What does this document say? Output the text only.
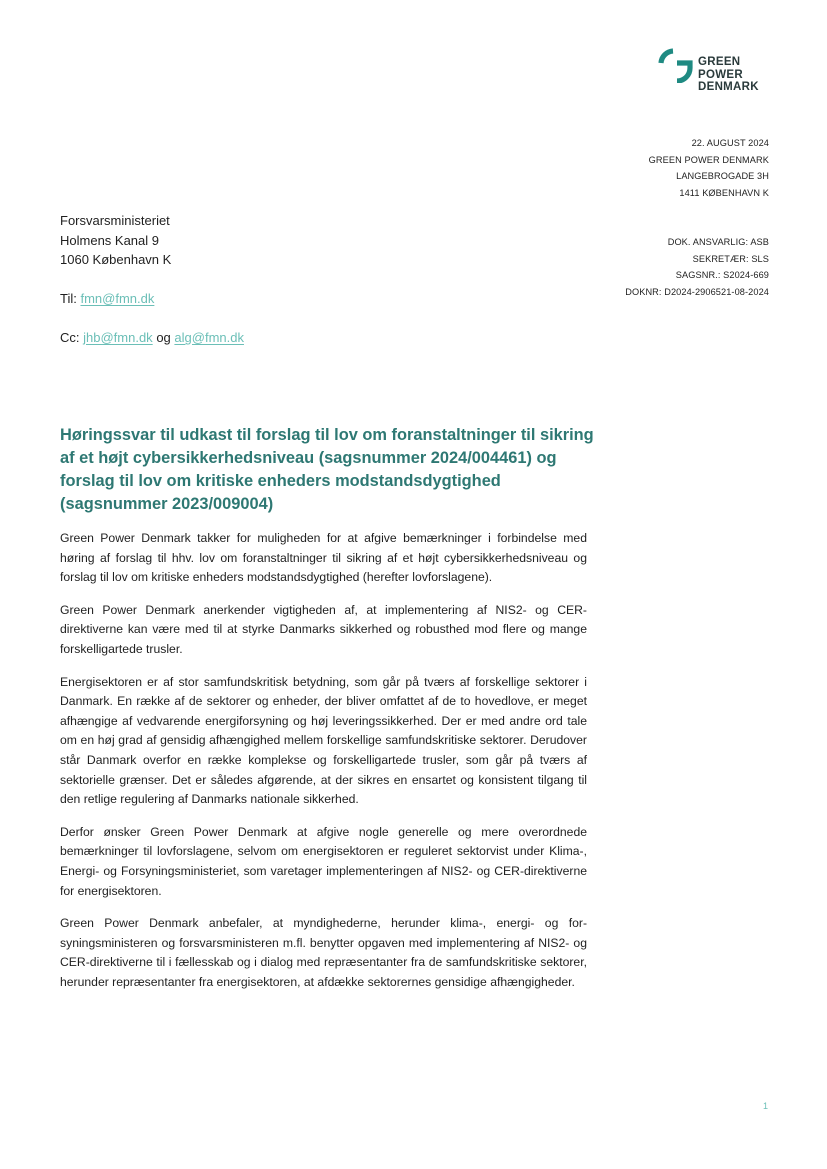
GREEN
POWER
DENMARK
22. AUGUST 2024
GREEN POWER DENMARK
LANGEBROGADE 3H
1411 KØBENHAVN K
DOK. ANSVARLIG: ASB
SEKRETÆR: SLS
SAGSNR.: S2024-669
DOKNR: D2024-2906521-08-2024
Forsvarsministeriet
Holmens Kanal 9
1060 København K
Til: fmn@fmn.dk
Cc: jhb@fmn.dk og alg@fmn.dk
Høringssvar til udkast til forslag til lov om foranstaltninger til sikring af et højt cybersikkerhedsniveau (sagsnummer 2024/004461) og forslag til lov om kritiske enheders modstandsdygtighed (sagsnummer 2023/009004)

Green Power Denmark takker for muligheden for at afgive bemærkninger i forbindelse med høring af forslag til hhv. lov om foranstaltninger til sikring af et højt cybersikkerhedsniveau og forslag til lov om kritiske enheders modstandsdygtighed (herefter lovforslagene).

Green Power Denmark anerkender vigtigheden af, at implementering af NIS2- og CER-direktiverne kan være med til at styrke Danmarks sikkerhed og robusthed mod flere og mange forskelligartede trusler.

Energisektoren er af stor samfundskritisk betydning, som går på tværs af forskellige sektorer i Danmark. En række af de sektorer og enheder, der bliver omfattet af de to hovedlove, er meget afhængige af vedvarende energiforsyning og høj leveringssikkerhed. Der er med andre ord tale om en høj grad af gensidig afhængighed mellem forskellige samfundskritiske sektorer. Derudover står Danmark overfor en række komplekse og forskelligartede trusler, som går på tværs af sektorielle grænser. Det er således afgørende, at der sikres en ensartet og konsistent tilgang til den retlige regulering af Danmarks nationale sikkerhed.

Derfor ønsker Green Power Denmark at afgive nogle generelle og mere overordnede bemærkninger til lovforslagene, selvom om energisektoren er reguleret sektorvist under Klima-, Energi- og Forsyningsministeriet, som varetager implementeringen af NIS2- og CER-direktiverne for energisektoren.

Green Power Denmark anbefaler, at myndighederne, herunder klima-, energi- og forsyningsministeren og forsvarsministeren m.fl. benytter opgaven med implementering af NIS2- og CER-direktiverne til i fællesskab og i dialog med repræsentanter fra de samfundskritiske sektorer, herunder repræsentanter fra energisektoren, at afdække sektorernes gensidige afhængigheder.

1
